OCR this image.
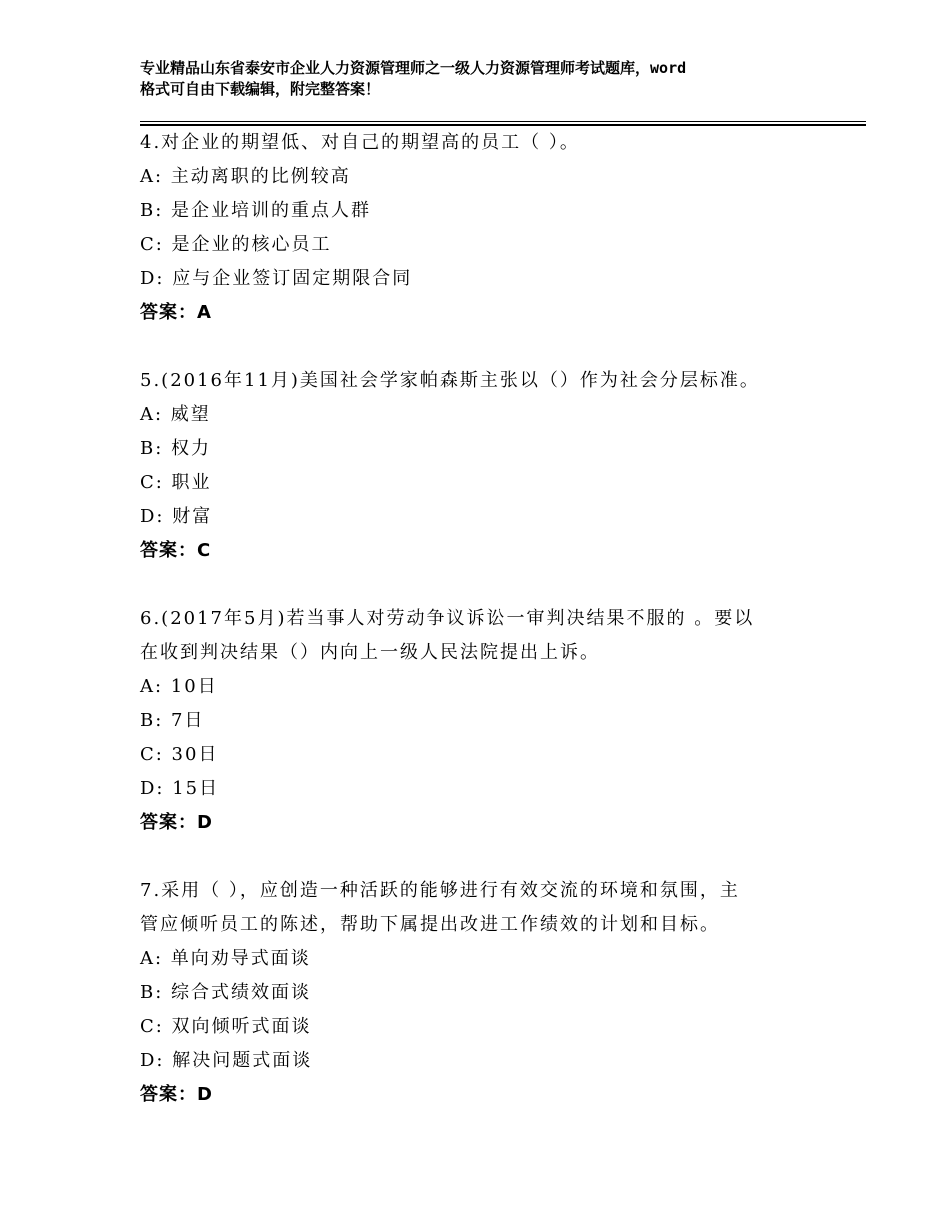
专业精品山东省泰安市企业人力资源管理师之一级人力资源管理师考试题库，word
格式可自由下载编辑，附完整答案！
4.对企业的期望低、对自己的期望高的员工（ ）。
A: 主动离职的比例较高
B: 是企业培训的重点人群
C: 是企业的核心员工
D: 应与企业签订固定期限合同
答案：A
5.(2016年11月)美国社会学家帕森斯主张以（）作为社会分层标准。
A: 威望
B: 权力
C: 职业
D: 财富
答案：C
6.(2017年5月)若当事人对劳动争议诉讼一审判决结果不服的 。要以
在收到判决结果（）内向上一级人民法院提出上诉。
A: 10日
B: 7日
C: 30日
D: 15日
答案：D
7.采用（ ），应创造一种活跃的能够进行有效交流的环境和氛围，主
管应倾听员工的陈述，帮助下属提出改进工作绩效的计划和目标。
A: 单向劝导式面谈
B: 综合式绩效面谈
C: 双向倾听式面谈
D: 解决问题式面谈
答案：D
